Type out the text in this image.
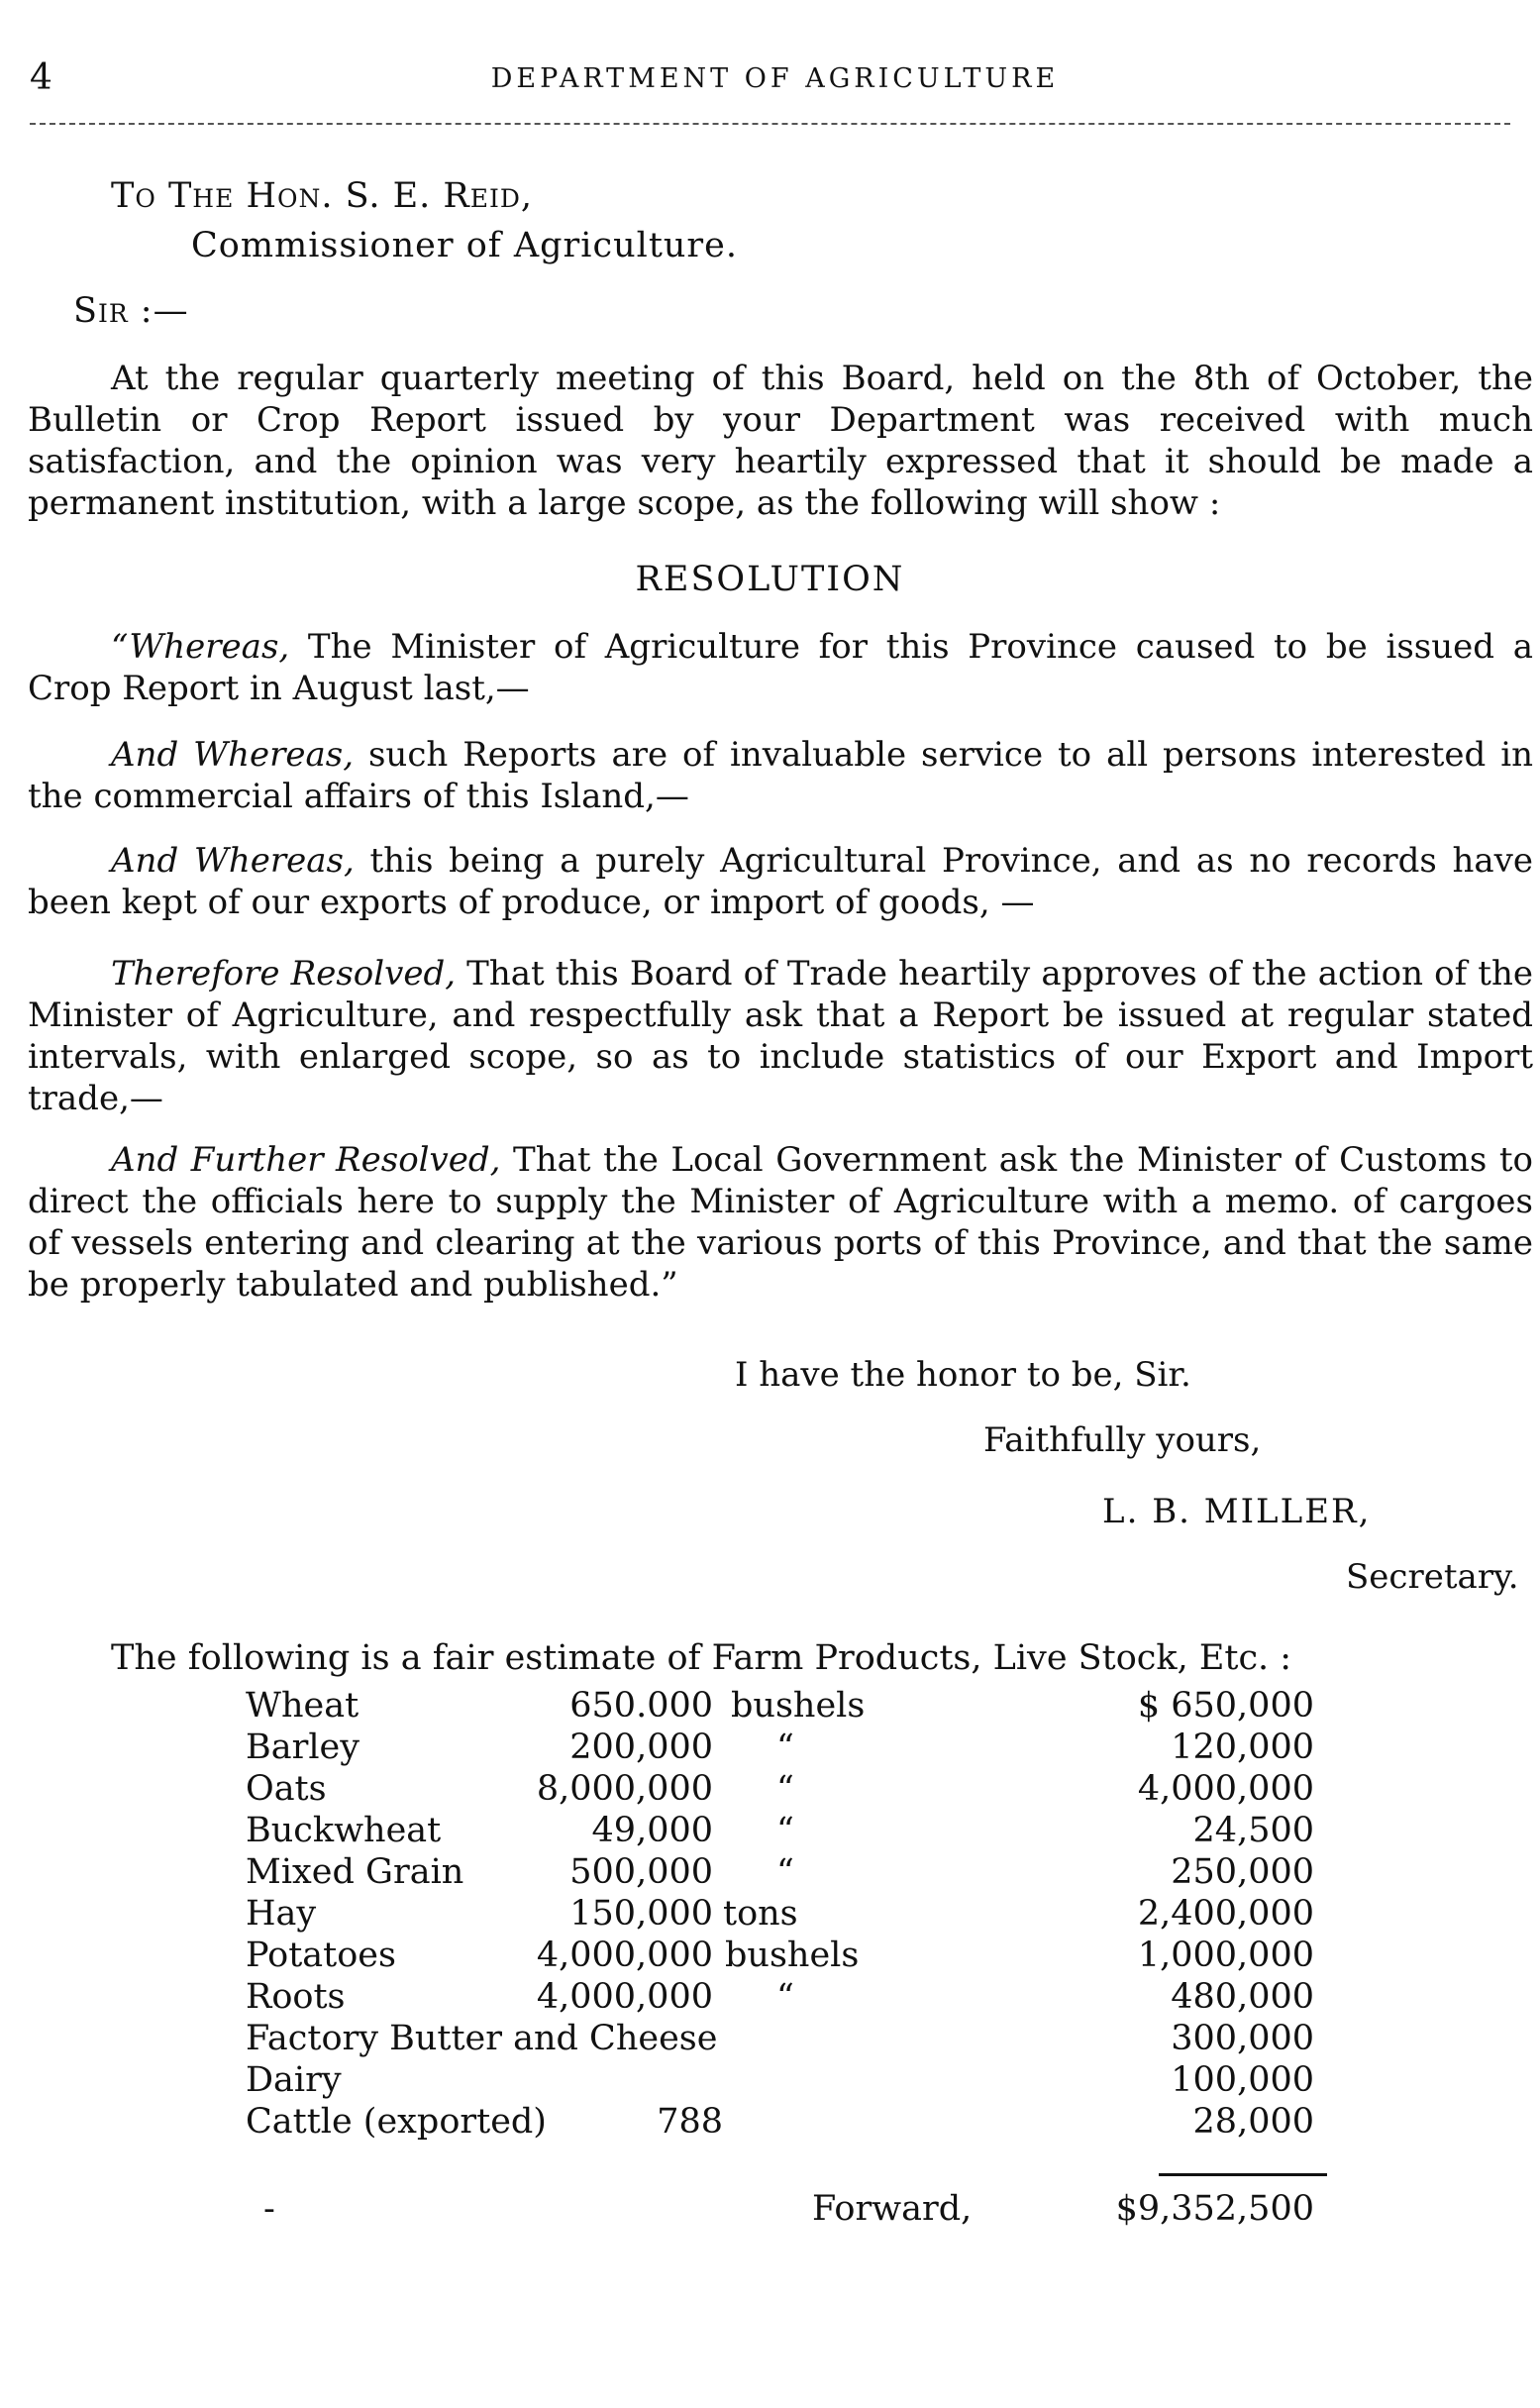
4	DEPARTMENT OF AGRICULTURE
To The Hon. S. E. Reid,
Commissioner of Agriculture.
Sir :—
At the regular quarterly meeting of this Board, held on the 8th of October, the Bulletin or Crop Report issued by your Department was received with much satisfaction, and the opinion was very heartily expressed that it should be made a permanent institution, with a large scope, as the following will show :
RESOLUTION
“Whereas, The Minister of Agriculture for this Province caused to be issued a Crop Report in August last,—
And Whereas, such Reports are of invaluable service to all persons interested in the commercial affairs of this Island,—
And Whereas, this being a purely Agricultural Province, and as no records have been kept of our exports of produce, or import of goods, —
Therefore Resolved, That this Board of Trade heartily approves of the action of the Minister of Agriculture, and respectfully ask that a Report be issued at regular stated intervals, with enlarged scope, so as to include statistics of our Export and Import trade,—
And Further Resolved, That the Local Government ask the Minister of Customs to direct the officials here to supply the Minister of Agriculture with a memo. of cargoes of vessels entering and clearing at the various ports of this Province, and that the same be properly tabulated and published.”
I have the honor to be, Sir.
Faithfully yours,
L. B. MILLER,
Secretary.
The following is a fair estimate of Farm Products, Live Stock, Etc. :
Wheat	650.000 bushels	$ 650,000
Barley	200,000 “	120,000
Oats	8,000,000 “	4,000,000
Buckwheat	49,000 “	24,500
Mixed Grain	500,000 “	250,000
Hay	150,000 tons	2,400,000
Potatoes	4,000,000 bushels	1,000,000
Roots	4,000,000 “	480,000
Factory Butter and Cheese	300,000
Dairy	100,000
Cattle (exported)	788	28,000
-	Forward,	$9,352,500
